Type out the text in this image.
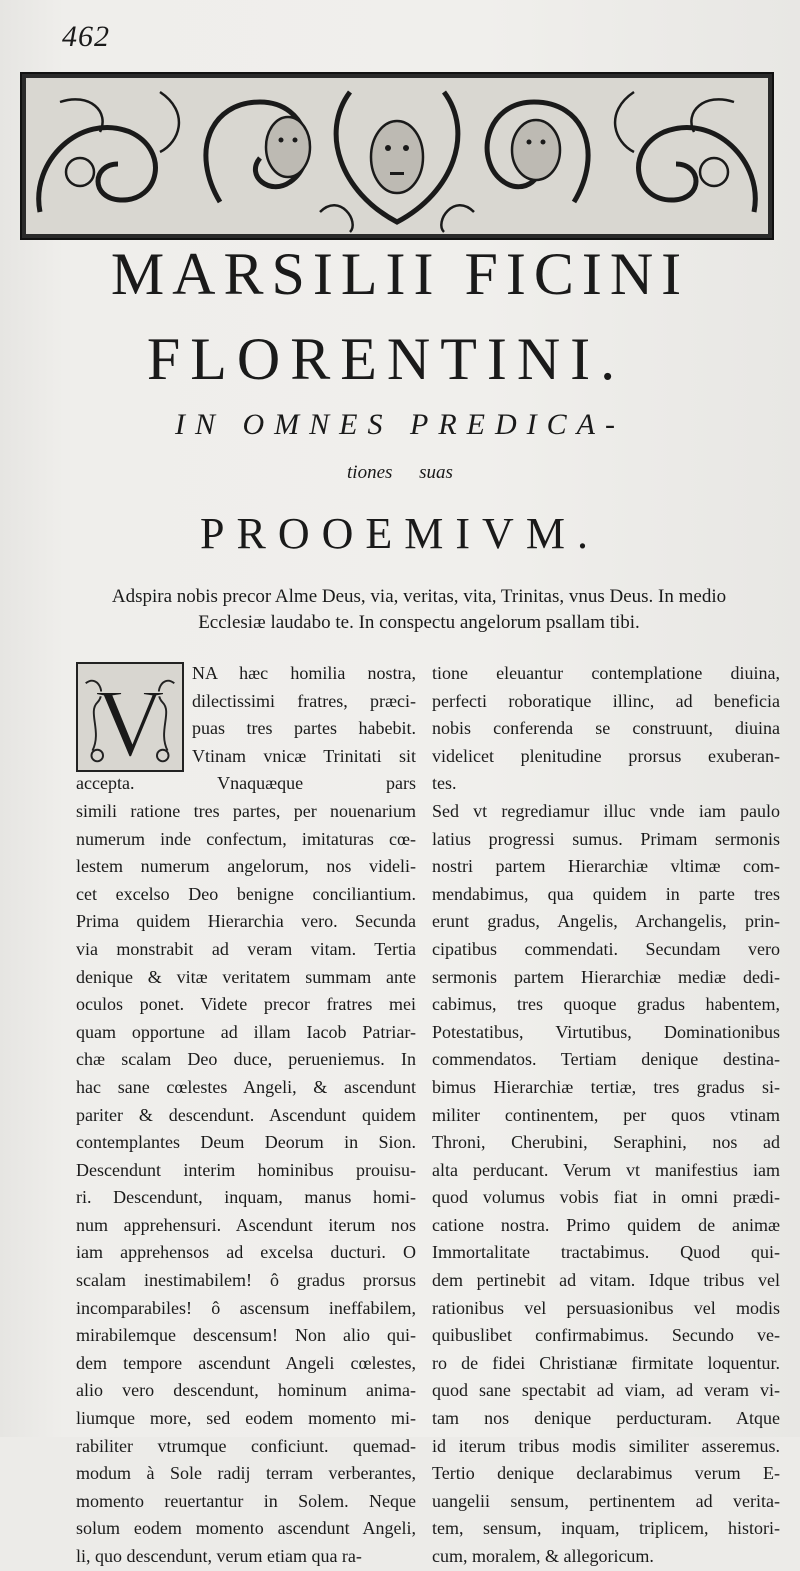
462
MARSILII FICINI
FLORENTINI.
IN OMNES PREDICA-
tiones suas
PROOEMIVM.
Adspira nobis precor Alme Deus, via, veritas, vita, Trinitas, vnus Deus. In medio
Ecclesiæ laudabo te. In conspectu angelorum psallam tibi.
V	NA hæc homilia nostra,
dilectissimi fratres, præci-
puas tres partes habebit.
Vtinam vnicæ Trinitati sit
accepta. Vnaquæque pars
simili ratione tres partes, per nouenarium
numerum inde confectum, imitaturas cœ-
lestem numerum angelorum, nos videli-
cet excelso Deo benigne conciliantium.
Prima quidem Hierarchia vero. Secunda
via monstrabit ad veram vitam. Tertia
denique & vitæ veritatem summam ante
oculos ponet. Videte precor fratres mei
quam opportune ad illam Iacob Patriar-
chæ scalam Deo duce, perueniemus. In
hac sane cœlestes Angeli, & ascendunt
pariter & descendunt. Ascendunt quidem
contemplantes Deum Deorum in Sion.
Descendunt interim hominibus prouisu-
ri. Descendunt, inquam, manus homi-
num apprehensuri. Ascendunt iterum nos
iam apprehensos ad excelsa ducturi. O
scalam inestimabilem! ô gradus prorsus
incomparabiles! ô ascensum ineffabilem,
mirabilemque descensum! Non alio qui-
dem tempore ascendunt Angeli cœlestes,
alio vero descendunt, hominum anima-
liumque more, sed eodem momento mi-
rabiliter vtrumque conficiunt. quemad-
modum à Sole radij terram verberantes,
momento reuertantur in Solem. Neque
solum eodem momento ascendunt Angeli,
li, quo descendunt, verum etiam qua ra-
tione eleuantur contemplatione diuina,
perfecti roboratique illinc, ad beneficia
nobis conferenda se construunt, diuina
videlicet plenitudine prorsus exuberan-
tes.
Sed vt regrediamur illuc vnde iam paulo
latius progressi sumus. Primam sermonis
nostri partem Hierarchiæ vltimæ com-
mendabimus, qua quidem in parte tres
erunt gradus, Angelis, Archangelis, prin-
cipatibus commendati. Secundam vero
sermonis partem Hierarchiæ mediæ dedi-
cabimus, tres quoque gradus habentem,
Potestatibus, Virtutibus, Dominationibus
commendatos. Tertiam denique destina-
bimus Hierarchiæ tertiæ, tres gradus si-
militer continentem, per quos vtinam
Throni, Cherubini, Seraphini, nos ad
alta perducant. Verum vt manifestius iam
quod volumus vobis fiat in omni prædi-
catione nostra. Primo quidem de animæ
Immortalitate tractabimus. Quod qui-
dem pertinebit ad vitam. Idque tribus vel
rationibus vel persuasionibus vel modis
quibuslibet confirmabimus. Secundo ve-
ro de fidei Christianæ firmitate loquentur.
quod sane spectabit ad viam, ad veram vi-
tam nos denique perducturam. Atque
id iterum tribus modis similiter asseremus.
Tertio denique declarabimus verum E-
uangelii sensum, pertinentem ad verita-
tem, sensum, inquam, triplicem, histori-
cum, moralem, & allegoricum.
